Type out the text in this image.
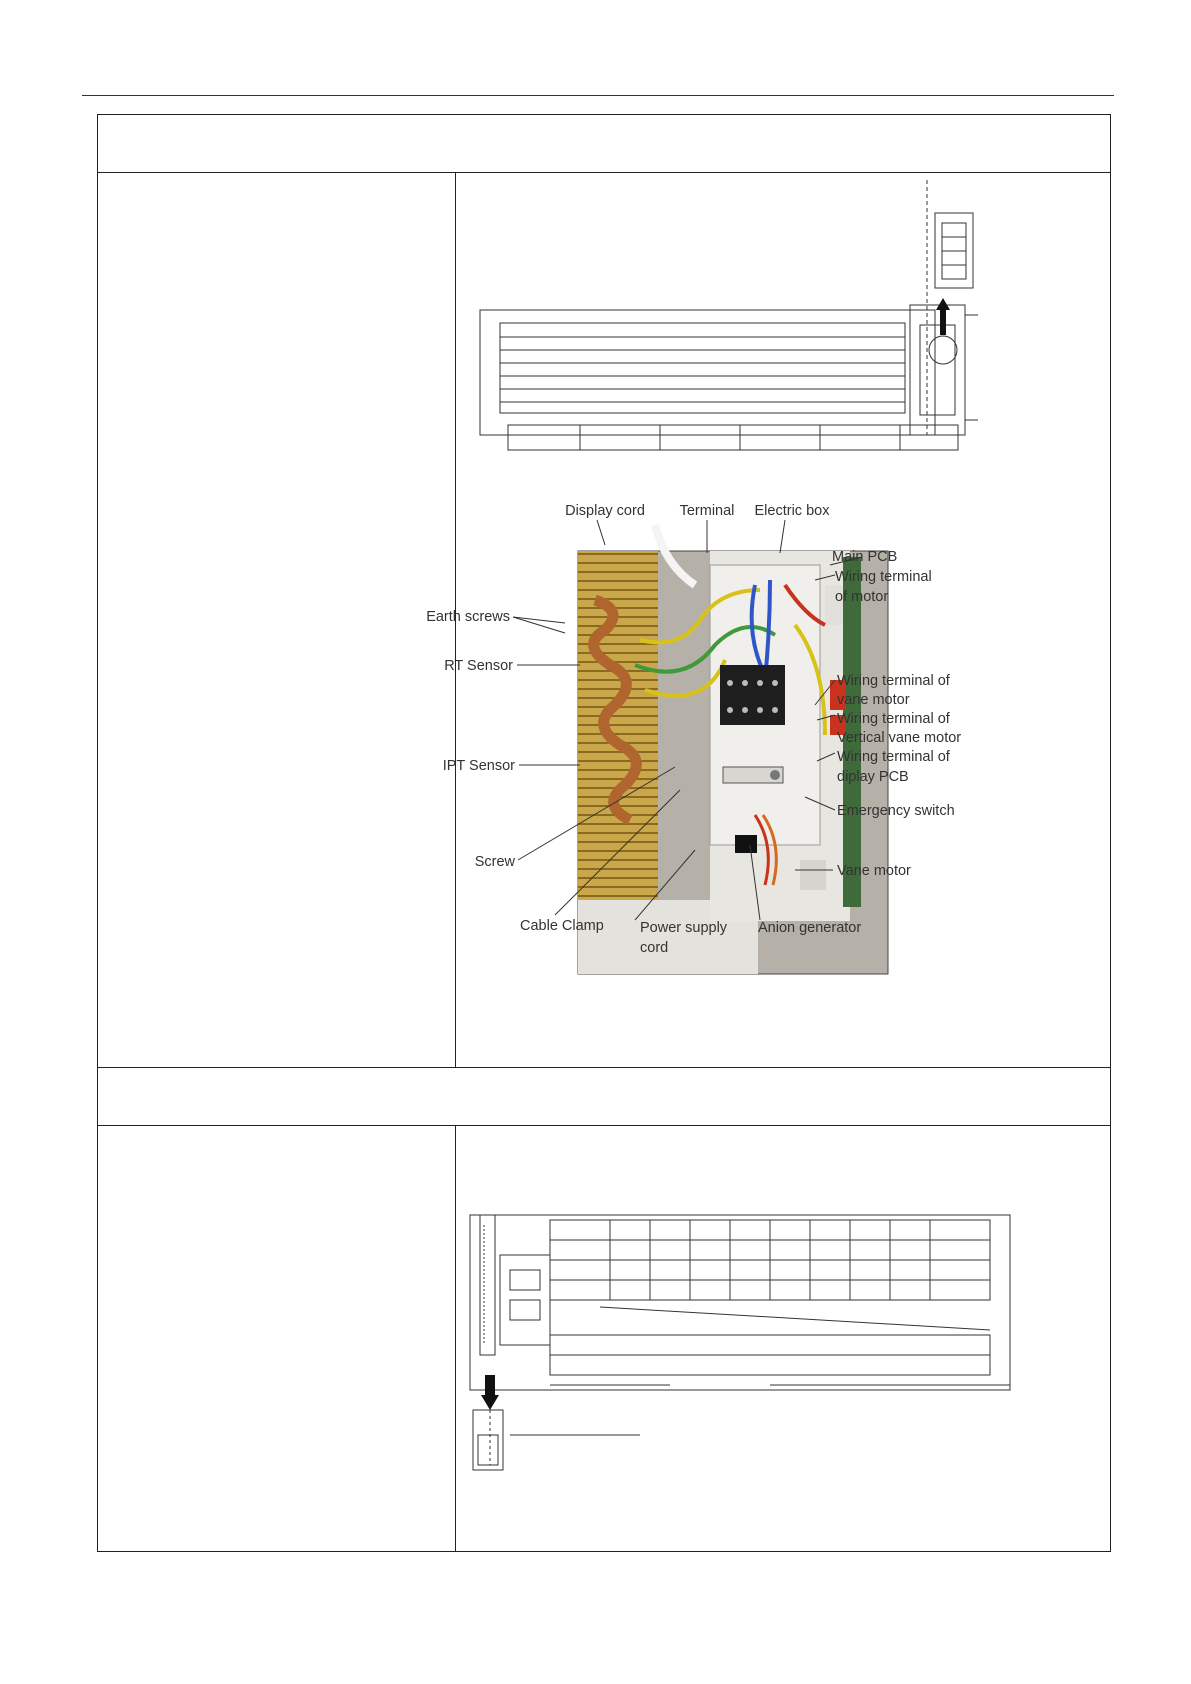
Display cord Terminal Electric box
Main PCB
Wiring terminal
of motor
Earth screws
RT Sensor
Wiring terminal of
vane motor
Wiring terminal of
Vertical vane motor
IPT Sensor
Wiring terminal of
diplay PCB
Emergency switch
Screw
Vane motor
Cable Clamp Power supply
cord
Anion generator
